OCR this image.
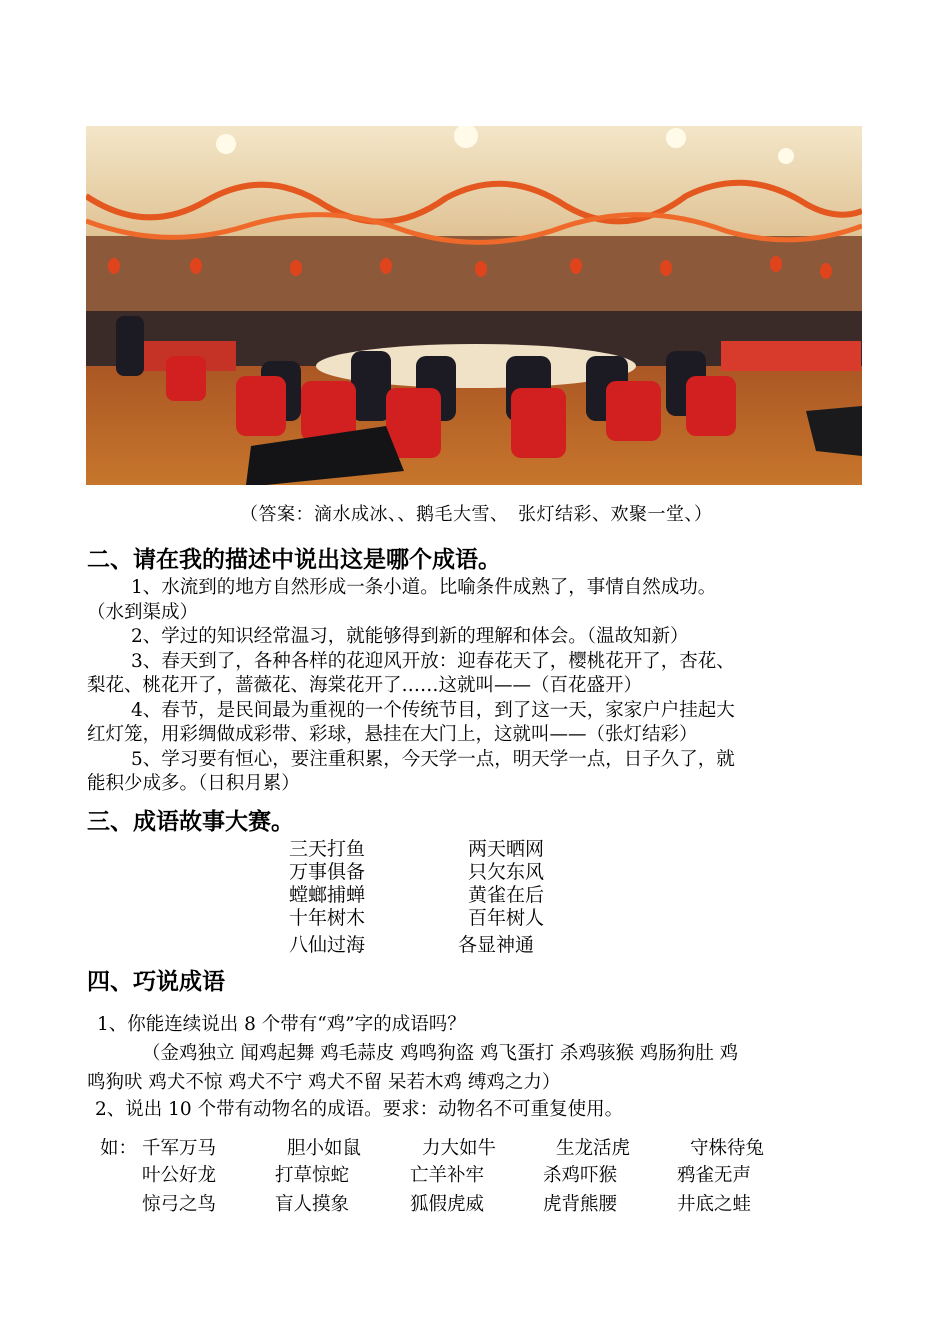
（答案：滴水成冰、、鹅毛大雪、　张灯结彩、欢聚一堂、）
二、请在我的描述中说出这是哪个成语。
1、水流到的地方自然形成一条小道。比喻条件成熟了，事情自然成功。
（水到渠成）
2、学过的知识经常温习，就能够得到新的理解和体会。（温故知新）
3、春天到了，各种各样的花迎风开放：迎春花天了，樱桃花开了，杏花、
梨花、桃花开了，蔷薇花、海棠花开了……这就叫——（百花盛开）
4、春节，是民间最为重视的一个传统节目，到了这一天，家家户户挂起大
红灯笼，用彩绸做成彩带、彩球，悬挂在大门上，这就叫——（张灯结彩）
5、学习要有恒心，要注重积累，今天学一点，明天学一点，日子久了，就
能积少成多。（日积月累）
三、成语故事大赛。
三天打鱼	两天晒网
万事俱备	只欠东风
螳螂捕蝉	黄雀在后
十年树木	百年树人
八仙过海	各显神通
四、巧说成语
1、你能连续说出 8 个带有“鸡”字的成语吗？
（金鸡独立 闻鸡起舞 鸡毛蒜皮 鸡鸣狗盗 鸡飞蛋打 杀鸡骇猴 鸡肠狗肚 鸡
鸣狗吠 鸡犬不惊 鸡犬不宁 鸡犬不留 呆若木鸡 缚鸡之力）
2、说出 10 个带有动物名的成语。要求：动物名不可重复使用。
如： 千军万马	胆小如鼠	力大如牛	生龙活虎	守株待兔
叶公好龙	打草惊蛇	亡羊补牢	杀鸡吓猴	鸦雀无声
惊弓之鸟	盲人摸象	狐假虎威	虎背熊腰	井底之蛙
